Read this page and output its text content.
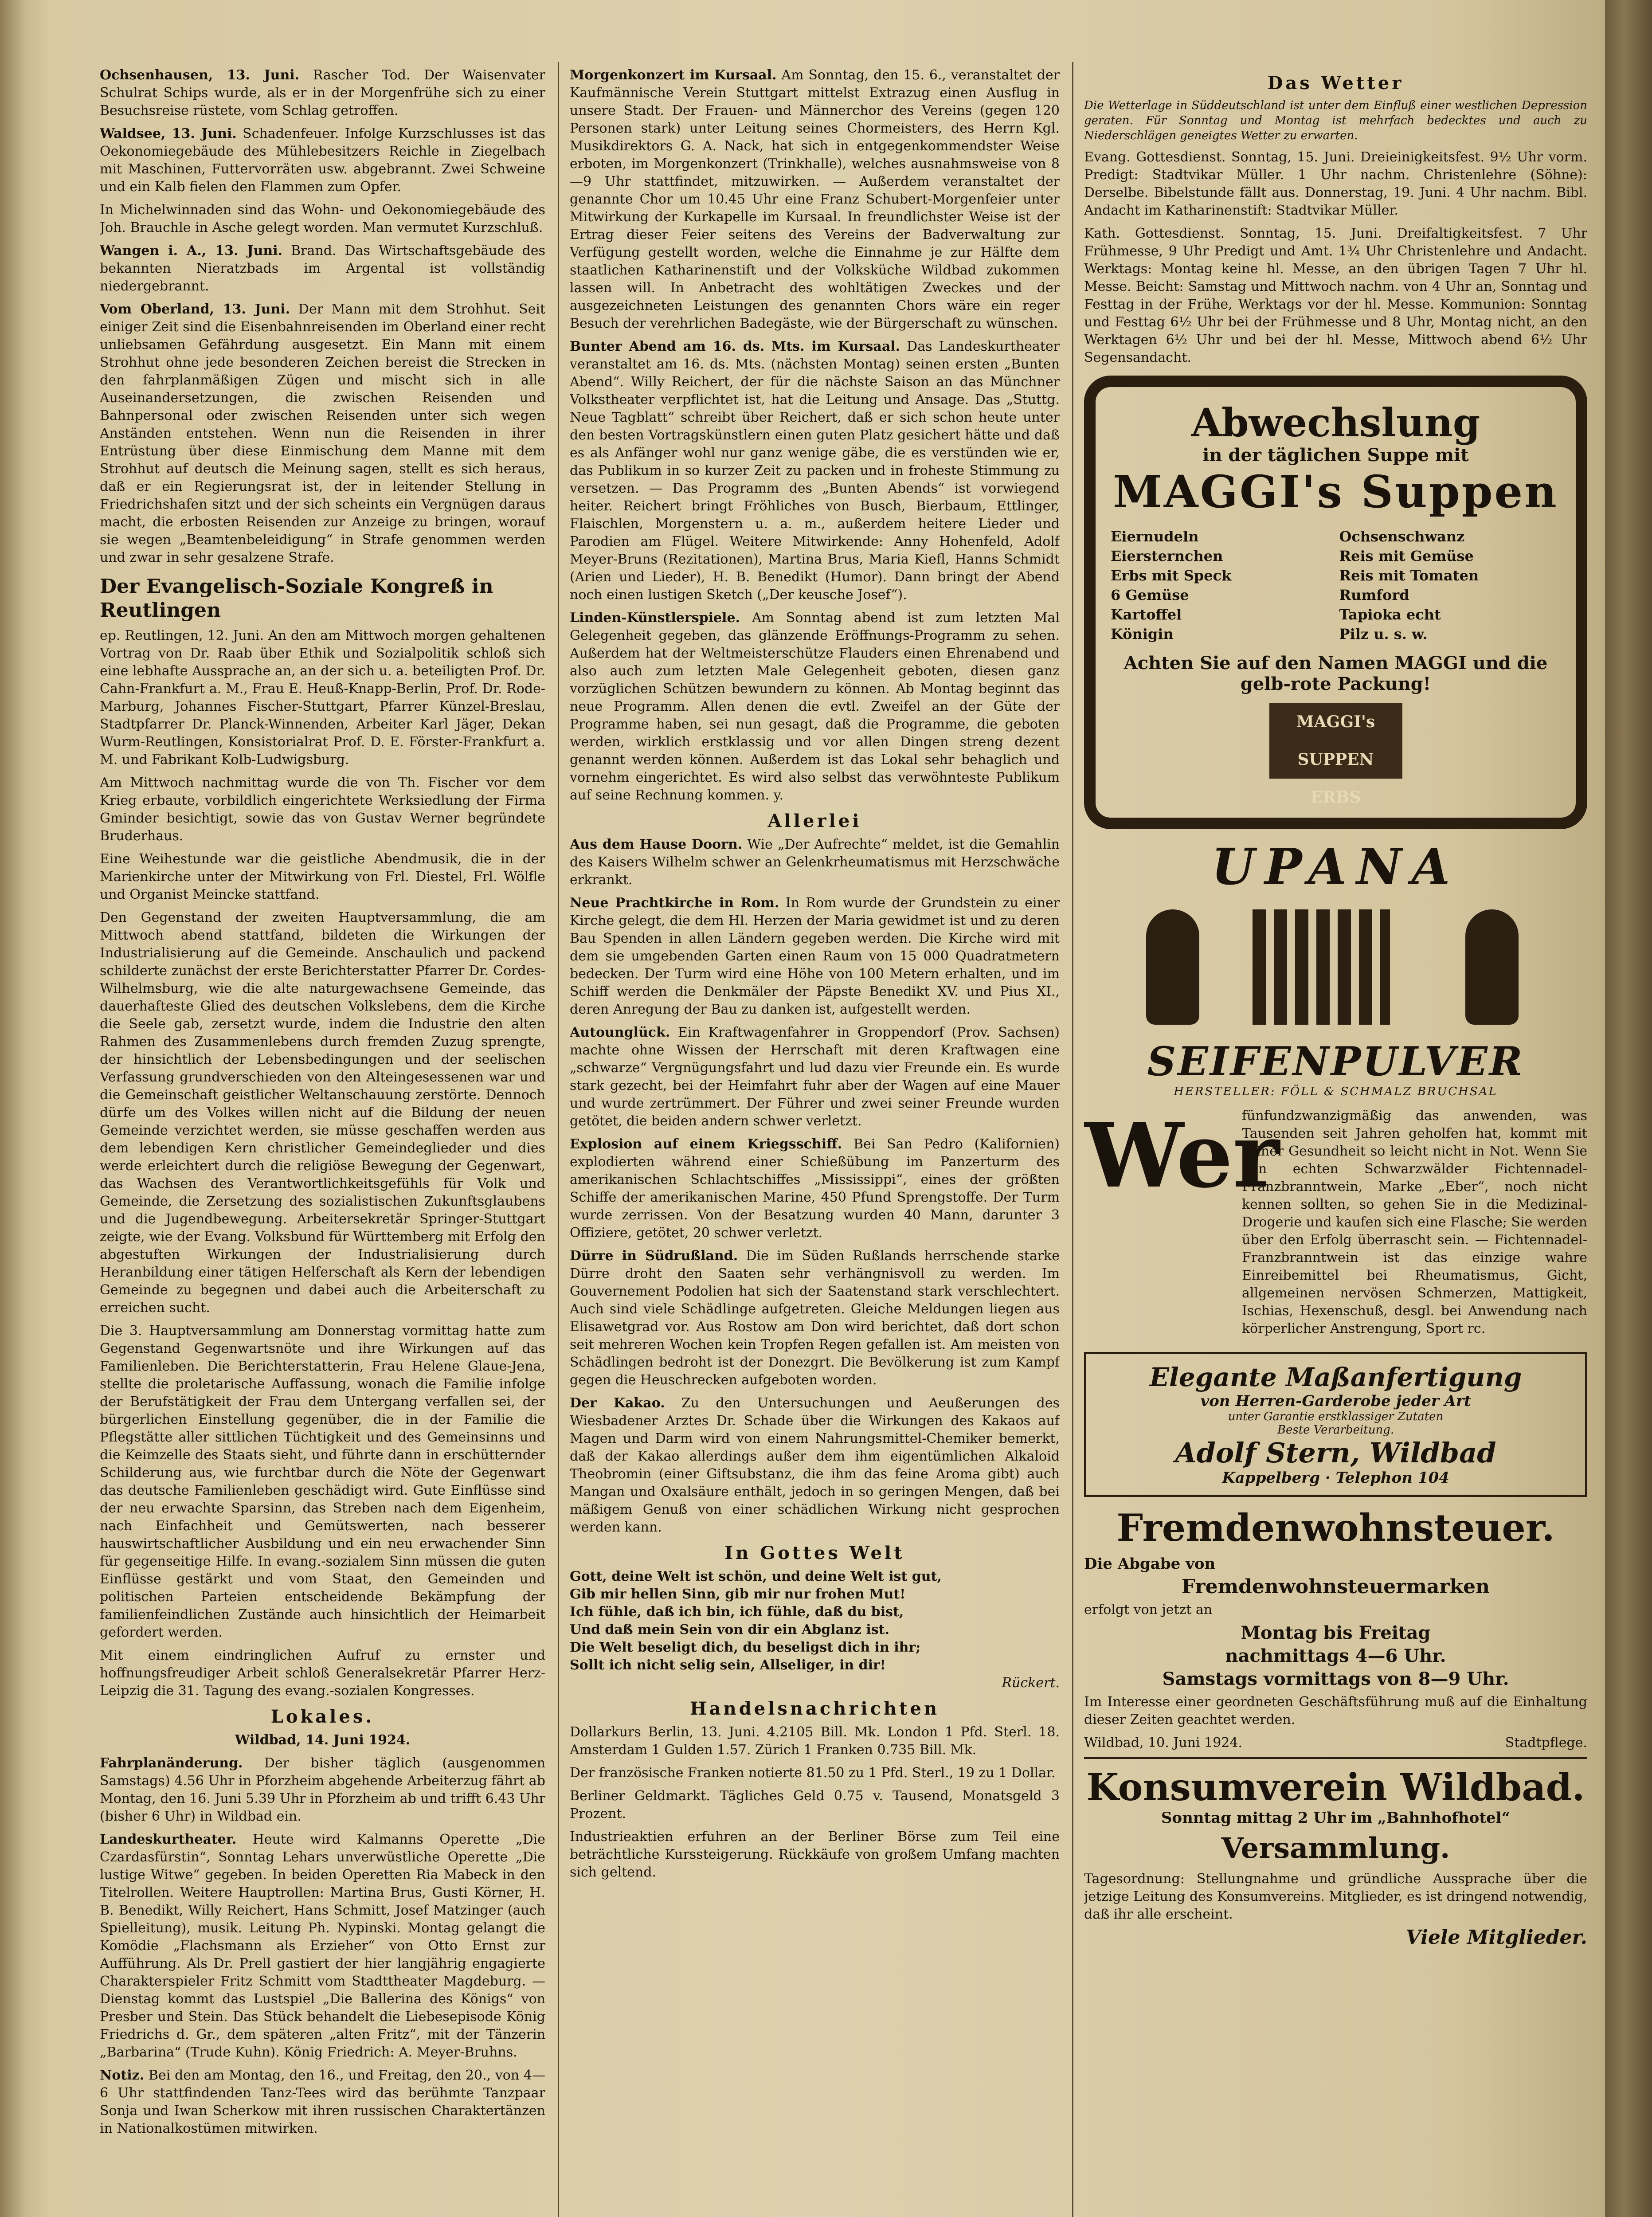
Ochsenhausen, 13. Juni. Rascher Tod. Der Waisenvater Schulrat Schips wurde, als er in der Morgenfrühe sich zu einer Besuchsreise rüstete, vom Schlag getroffen.

Waldsee, 13. Juni. Schadenfeuer. Infolge Kurzschlusses ist das Oekonomiegebäude des Mühlebesitzers Reichle in Ziegelbach mit Maschinen, Futtervorräten usw. abgebrannt. Zwei Schweine und ein Kalb fielen den Flammen zum Opfer.

In Michelwinnaden sind das Wohn- und Oekonomiegebäude des Joh. Brauchle in Asche gelegt worden. Man vermutet Kurzschluß.

Wangen i. A., 13. Juni. Brand. Das Wirtschaftsgebäude des bekannten Nieratzbads im Argental ist vollständig niedergebrannt.

Vom Oberland, 13. Juni. Der Mann mit dem Strohhut. Seit einiger Zeit sind die Eisenbahnreisenden im Oberland einer recht unliebsamen Gefährdung ausgesetzt. Ein Mann mit einem Strohhut ohne jede besonderen Zeichen bereist die Strecken in den fahrplanmäßigen Zügen und mischt sich in alle Auseinandersetzungen, die zwischen Reisenden und Bahnpersonal oder zwischen Reisenden unter sich wegen Anständen entstehen. Wenn nun die Reisenden in ihrer Entrüstung über diese Einmischung dem Manne mit dem Strohhut auf deutsch die Meinung sagen, stellt es sich heraus, daß er ein Regierungsrat ist, der in leitender Stellung in Friedrichshafen sitzt und der sich scheints ein Vergnügen daraus macht, die erbosten Reisenden zur Anzeige zu bringen, worauf sie wegen „Beamtenbeleidigung“ in Strafe genommen werden und zwar in sehr gesalzene Strafe.

Der Evangelisch-Soziale Kongreß in Reutlingen

ep. Reutlingen, 12. Juni. An den am Mittwoch morgen gehaltenen Vortrag von Dr. Raab über Ethik und Sozialpolitik schloß sich eine lebhafte Aussprache an, an der sich u. a. beteiligten Prof. Dr. Cahn-Frankfurt a. M., Frau E. Heuß-Knapp-Berlin, Prof. Dr. Rode-Marburg, Johannes Fischer-Stuttgart, Pfarrer Künzel-Breslau, Stadtpfarrer Dr. Planck-Winnenden, Arbeiter Karl Jäger, Dekan Wurm-Reutlingen, Konsistorialrat Prof. D. E. Förster-Frankfurt a. M. und Fabrikant Kolb-Ludwigsburg.

Am Mittwoch nachmittag wurde die von Th. Fischer vor dem Krieg erbaute, vorbildlich eingerichtete Werksiedlung der Firma Gminder besichtigt, sowie das von Gustav Werner begründete Bruderhaus.

Eine Weihestunde war die geistliche Abendmusik, die in der Marienkirche unter der Mitwirkung von Frl. Diestel, Frl. Wölfle und Organist Meincke stattfand.

Den Gegenstand der zweiten Hauptversammlung, die am Mittwoch abend stattfand, bildeten die Wirkungen der Industrialisierung auf die Gemeinde. Anschaulich und packend schilderte zunächst der erste Berichterstatter Pfarrer Dr. Cordes-Wilhelmsburg, wie die alte naturgewachsene Gemeinde, das dauerhafteste Glied des deutschen Volkslebens, dem die Kirche die Seele gab, zersetzt wurde, indem die Industrie den alten Rahmen des Zusammenlebens durch fremden Zuzug sprengte, der hinsichtlich der Lebensbedingungen und der seelischen Verfassung grundverschieden von den Alteingesessenen war und die Gemeinschaft geistlicher Weltanschauung zerstörte. Dennoch dürfe um des Volkes willen nicht auf die Bildung der neuen Gemeinde verzichtet werden, sie müsse geschaffen werden aus dem lebendigen Kern christlicher Gemeindeglieder und dies werde erleichtert durch die religiöse Bewegung der Gegenwart, das Wachsen des Verantwortlichkeitsgefühls für Volk und Gemeinde, die Zersetzung des sozialistischen Zukunftsglaubens und die Jugendbewegung. Arbeitersekretär Springer-Stuttgart zeigte, wie der Evang. Volksbund für Württemberg mit Erfolg den abgestuften Wirkungen der Industrialisierung durch Heranbildung einer tätigen Helferschaft als Kern der lebendigen Gemeinde zu begegnen und dabei auch die Arbeiterschaft zu erreichen sucht.

Die 3. Hauptversammlung am Donnerstag vormittag hatte zum Gegenstand Gegenwartsnöte und ihre Wirkungen auf das Familienleben. Die Berichterstatterin, Frau Helene Glaue-Jena, stellte die proletarische Auffassung, wonach die Familie infolge der Berufstätigkeit der Frau dem Untergang verfallen sei, der bürgerlichen Einstellung gegenüber, die in der Familie die Pflegstätte aller sittlichen Tüchtigkeit und des Gemeinsinns und die Keimzelle des Staats sieht, und führte dann in erschütternder Schilderung aus, wie furchtbar durch die Nöte der Gegenwart das deutsche Familienleben geschädigt wird. Gute Einflüsse sind der neu erwachte Sparsinn, das Streben nach dem Eigenheim, nach Einfachheit und Gemütswerten, nach besserer hauswirtschaftlicher Ausbildung und ein neu erwachender Sinn für gegenseitige Hilfe. In evang.-sozialem Sinn müssen die guten Einflüsse gestärkt und vom Staat, den Gemeinden und politischen Parteien entscheidende Bekämpfung der familienfeindlichen Zustände auch hinsichtlich der Heimarbeit gefordert werden.

Mit einem eindringlichen Aufruf zu ernster und hoffnungsfreudiger Arbeit schloß Generalsekretär Pfarrer Herz-Leipzig die 31. Tagung des evang.-sozialen Kongresses.

Lokales.

Wildbad, 14. Juni 1924.

Fahrplanänderung. Der bisher täglich (ausgenommen Samstags) 4.56 Uhr in Pforzheim abgehende Arbeiterzug fährt ab Montag, den 16. Juni 5.39 Uhr in Pforzheim ab und trifft 6.43 Uhr (bisher 6 Uhr) in Wildbad ein.

Landeskurtheater. Heute wird Kalmanns Operette „Die Czardasfürstin“, Sonntag Lehars unverwüstliche Operette „Die lustige Witwe“ gegeben. In beiden Operetten Ria Mabeck in den Titelrollen. Weitere Hauptrollen: Martina Brus, Gusti Körner, H. B. Benedikt, Willy Reichert, Hans Schmitt, Josef Matzinger (auch Spielleitung), musik. Leitung Ph. Nypinski. Montag gelangt die Komödie „Flachsmann als Erzieher“ von Otto Ernst zur Aufführung. Als Dr. Prell gastiert der hier langjährig engagierte Charakterspieler Fritz Schmitt vom Stadttheater Magdeburg. — Dienstag kommt das Lustspiel „Die Ballerina des Königs“ von Presber und Stein. Das Stück behandelt die Liebesepisode König Friedrichs d. Gr., dem späteren „alten Fritz“, mit der Tänzerin „Barbarina“ (Trude Kuhn). König Friedrich: A. Meyer-Bruhns.

Notiz. Bei den am Montag, den 16., und Freitag, den 20., von 4—6 Uhr stattfindenden Tanz-Tees wird das berühmte Tanzpaar Sonja und Iwan Scherkow mit ihren russischen Charaktertänzen in Nationalkostümen mitwirken.

Morgenkonzert im Kursaal. Am Sonntag, den 15. 6., veranstaltet der Kaufmännische Verein Stuttgart mittelst Extrazug einen Ausflug in unsere Stadt. Der Frauen- und Männerchor des Vereins (gegen 120 Personen stark) unter Leitung seines Chormeisters, des Herrn Kgl. Musikdirektors G. A. Nack, hat sich in entgegenkommendster Weise erboten, im Morgenkonzert (Trinkhalle), welches ausnahmsweise von 8—9 Uhr stattfindet, mitzuwirken. — Außerdem veranstaltet der genannte Chor um 10.45 Uhr eine Franz Schubert-Morgenfeier unter Mitwirkung der Kurkapelle im Kursaal. In freundlichster Weise ist der Ertrag dieser Feier seitens des Vereins der Badverwaltung zur Verfügung gestellt worden, welche die Einnahme je zur Hälfte dem staatlichen Katharinenstift und der Volksküche Wildbad zukommen lassen will. In Anbetracht des wohltätigen Zweckes und der ausgezeichneten Leistungen des genannten Chors wäre ein reger Besuch der verehrlichen Badegäste, wie der Bürgerschaft zu wünschen.

Bunter Abend am 16. ds. Mts. im Kursaal. Das Landeskurtheater veranstaltet am 16. ds. Mts. (nächsten Montag) seinen ersten „Bunten Abend“. Willy Reichert, der für die nächste Saison an das Münchner Volkstheater verpflichtet ist, hat die Leitung und Ansage. Das „Stuttg. Neue Tagblatt“ schreibt über Reichert, daß er sich schon heute unter den besten Vortragskünstlern einen guten Platz gesichert hätte und daß es als Anfänger wohl nur ganz wenige gäbe, die es verstünden wie er, das Publikum in so kurzer Zeit zu packen und in froheste Stimmung zu versetzen. — Das Programm des „Bunten Abends“ ist vorwiegend heiter. Reichert bringt Fröhliches von Busch, Bierbaum, Ettlinger, Flaischlen, Morgenstern u. a. m., außerdem heitere Lieder und Parodien am Flügel. Weitere Mitwirkende: Anny Hohenfeld, Adolf Meyer-Bruns (Rezitationen), Martina Brus, Maria Kiefl, Hanns Schmidt (Arien und Lieder), H. B. Benedikt (Humor). Dann bringt der Abend noch einen lustigen Sketch („Der keusche Josef“).

Linden-Künstlerspiele. Am Sonntag abend ist zum letzten Mal Gelegenheit gegeben, das glänzende Eröffnungs-Programm zu sehen. Außerdem hat der Weltmeisterschütze Flauders einen Ehrenabend und also auch zum letzten Male Gelegenheit geboten, diesen ganz vorzüglichen Schützen bewundern zu können. Ab Montag beginnt das neue Programm. Allen denen die evtl. Zweifel an der Güte der Programme haben, sei nun gesagt, daß die Programme, die geboten werden, wirklich erstklassig und vor allen Dingen streng dezent genannt werden können. Außerdem ist das Lokal sehr behaglich und vornehm eingerichtet. Es wird also selbst das verwöhnteste Publikum auf seine Rechnung kommen. y.

Allerlei

Aus dem Hause Doorn. Wie „Der Aufrechte“ meldet, ist die Gemahlin des Kaisers Wilhelm schwer an Gelenkrheumatismus mit Herzschwäche erkrankt.

Neue Prachtkirche in Rom. In Rom wurde der Grundstein zu einer Kirche gelegt, die dem Hl. Herzen der Maria gewidmet ist und zu deren Bau Spenden in allen Ländern gegeben werden. Die Kirche wird mit dem sie umgebenden Garten einen Raum von 15 000 Quadratmetern bedecken. Der Turm wird eine Höhe von 100 Metern erhalten, und im Schiff werden die Denkmäler der Päpste Benedikt XV. und Pius XI., deren Anregung der Bau zu danken ist, aufgestellt werden.

Autounglück. Ein Kraftwagenfahrer in Groppendorf (Prov. Sachsen) machte ohne Wissen der Herrschaft mit deren Kraftwagen eine „schwarze“ Vergnügungsfahrt und lud dazu vier Freunde ein. Es wurde stark gezecht, bei der Heimfahrt fuhr aber der Wagen auf eine Mauer und wurde zertrümmert. Der Führer und zwei seiner Freunde wurden getötet, die beiden andern schwer verletzt.

Explosion auf einem Kriegsschiff. Bei San Pedro (Kalifornien) explodierten während einer Schießübung im Panzerturm des amerikanischen Schlachtschiffes „Mississippi“, eines der größten Schiffe der amerikanischen Marine, 450 Pfund Sprengstoffe. Der Turm wurde zerrissen. Von der Besatzung wurden 40 Mann, darunter 3 Offiziere, getötet, 20 schwer verletzt.

Dürre in Südrußland. Die im Süden Rußlands herrschende starke Dürre droht den Saaten sehr verhängnisvoll zu werden. Im Gouvernement Podolien hat sich der Saatenstand stark verschlechtert. Auch sind viele Schädlinge aufgetreten. Gleiche Meldungen liegen aus Elisawetgrad vor. Aus Rostow am Don wird berichtet, daß dort schon seit mehreren Wochen kein Tropfen Regen gefallen ist. Am meisten von Schädlingen bedroht ist der Donezgrt. Die Bevölkerung ist zum Kampf gegen die Heuschrecken aufgeboten worden.

Der Kakao. Zu den Untersuchungen und Aeußerungen des Wiesbadener Arztes Dr. Schade über die Wirkungen des Kakaos auf Magen und Darm wird von einem Nahrungsmittel-Chemiker bemerkt, daß der Kakao allerdings außer dem ihm eigentümlichen Alkaloid Theobromin (einer Giftsubstanz, die ihm das feine Aroma gibt) auch Mangan und Oxalsäure enthält, jedoch in so geringen Mengen, daß bei mäßigem Genuß von einer schädlichen Wirkung nicht gesprochen werden kann.

In Gottes Welt

Gott, deine Welt ist schön, und deine Welt ist gut,

Gib mir hellen Sinn, gib mir nur frohen Mut!

Ich fühle, daß ich bin, ich fühle, daß du bist,

Und daß mein Sein von dir ein Abglanz ist.

Die Welt beseligt dich, du beseligst dich in ihr;

Sollt ich nicht selig sein, Allseliger, in dir!

Rückert.

Handelsnachrichten

Dollarkurs Berlin, 13. Juni. 4.2105 Bill. Mk. London 1 Pfd. Sterl. 18. Amsterdam 1 Gulden 1.57. Zürich 1 Franken 0.735 Bill. Mk.

Der französische Franken notierte 81.50 zu 1 Pfd. Sterl., 19 zu 1 Dollar.

Berliner Geldmarkt. Tägliches Geld 0.75 v. Tausend, Monatsgeld 3 Prozent.

Industrieaktien erfuhren an der Berliner Börse zum Teil eine beträchtliche Kurssteigerung. Rückkäufe von großem Umfang machten sich geltend.

Das Wetter

Die Wetterlage in Süddeutschland ist unter dem Einfluß einer westlichen Depression geraten. Für Sonntag und Montag ist mehrfach bedecktes und auch zu Niederschlägen geneigtes Wetter zu erwarten.

Evang. Gottesdienst. Sonntag, 15. Juni. Dreieinigkeitsfest. 9½ Uhr vorm. Predigt: Stadtvikar Müller. 1 Uhr nachm. Christenlehre (Söhne): Derselbe. Bibelstunde fällt aus. Donnerstag, 19. Juni. 4 Uhr nachm. Bibl. Andacht im Katharinenstift: Stadtvikar Müller.

Kath. Gottesdienst. Sonntag, 15. Juni. Dreifaltigkeitsfest. 7 Uhr Frühmesse, 9 Uhr Predigt und Amt. 1¾ Uhr Christenlehre und Andacht. Werktags: Montag keine hl. Messe, an den übrigen Tagen 7 Uhr hl. Messe. Beicht: Samstag und Mittwoch nachm. von 4 Uhr an, Sonntag und Festtag in der Frühe, Werktags vor der hl. Messe. Kommunion: Sonntag und Festtag 6½ Uhr bei der Frühmesse und 8 Uhr, Montag nicht, an den Werktagen 6½ Uhr und bei der hl. Messe, Mittwoch abend 6½ Uhr Segensandacht.

Abwechslung
in der täglichen Suppe mit
MAGGI's Suppen
Eiernudeln
Eiersternchen
Erbs mit Speck
6 Gemüse
Kartoffel
Königin
Ochsenschwanz
Reis mit Gemüse
Reis mit Tomaten
Rumford
Tapioka echt
Pilz u. s. w.
Achten Sie auf den Namen MAGGI und die gelb-rote Packung!
MAGGI's SUPPEN
ERBS
UPANA
SEIFENPULVER
HERSTELLER: FÖLL & SCHMALZ BRUCHSAL
Wer

fünfundzwanzigmäßig das anwenden, was Tausenden seit Jahren geholfen hat, kommt mit seiner Gesundheit so leicht nicht in Not. Wenn Sie den echten Schwarzwälder Fichtennadel-Franzbranntwein, Marke „Eber“, noch nicht kennen sollten, so gehen Sie in die Medizinal-Drogerie und kaufen sich eine Flasche; Sie werden über den Erfolg überrascht sein. — Fichtennadel-Franzbranntwein ist das einzige wahre Einreibemittel bei Rheumatismus, Gicht, allgemeinen nervösen Schmerzen, Mattigkeit, Ischias, Hexenschuß, desgl. bei Anwendung nach körperlicher Anstrengung, Sport rc.

Elegante Maßanfertigung
von Herren-Garderobe jeder Art
unter Garantie erstklassiger Zutaten
Beste Verarbeitung.
Adolf Stern, Wildbad
Kappelberg · Telephon 104
Fremdenwohnsteuer.

Die Abgabe von

Fremdenwohnsteuermarken

erfolgt von jetzt an

Montag bis Freitag

nachmittags 4—6 Uhr.

Samstags vormittags von 8—9 Uhr.

Im Interesse einer geordneten Geschäftsführung muß auf die Einhaltung dieser Zeiten geachtet werden.

Wildbad, 10. Juni 1924.	Stadtpflege.

Konsumverein Wildbad.

Sonntag mittag 2 Uhr im „Bahnhofhotel“

Versammlung.

Tagesordnung: Stellungnahme und gründliche Aussprache über die jetzige Leitung des Konsumvereins. Mitglieder, es ist dringend notwendig, daß ihr alle erscheint.

Viele Mitglieder.
